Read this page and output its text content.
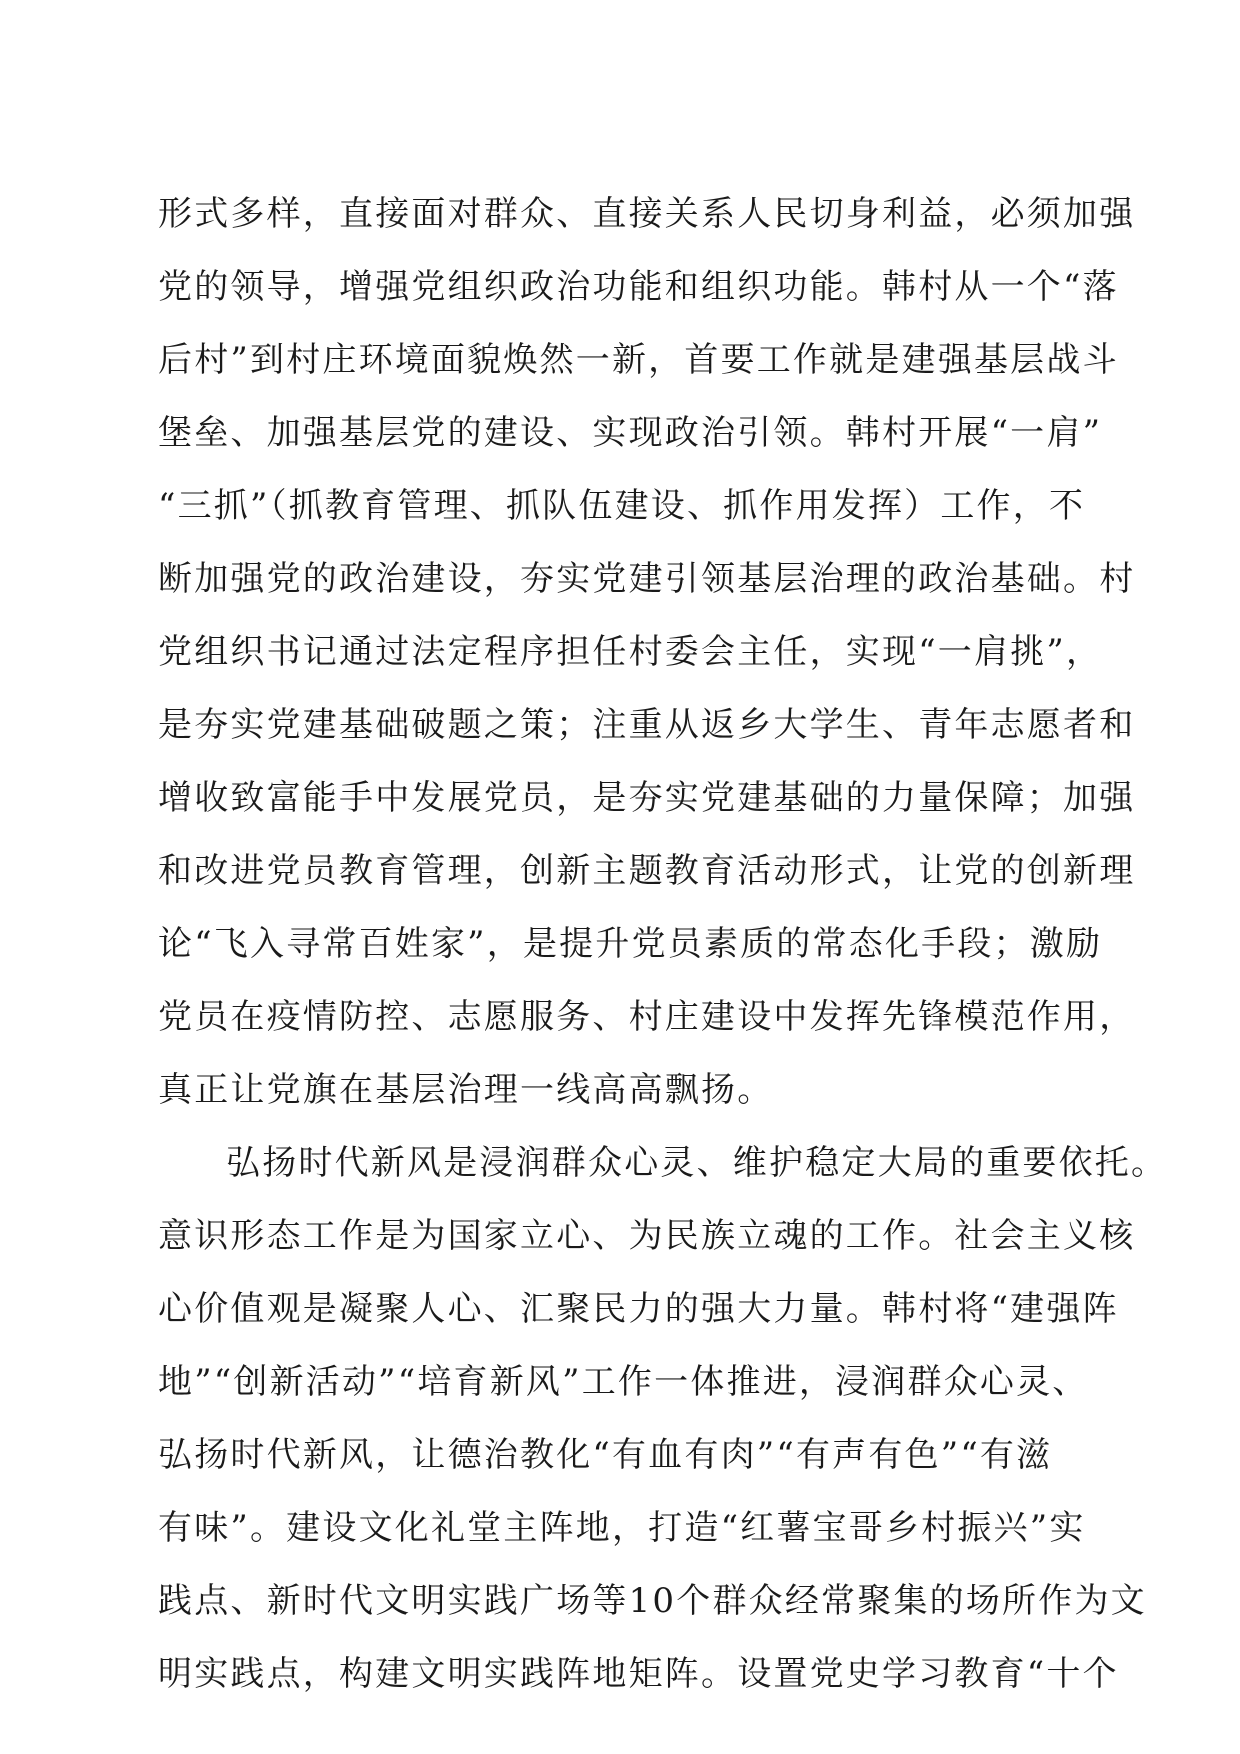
形式多样，直接面对群众、直接关系人民切身利益，必须加强
党的领导，增强党组织政治功能和组织功能。韩村从一个“落
后村”到村庄环境面貌焕然一新，首要工作就是建强基层战斗
堡垒、加强基层党的建设、实现政治引领。韩村开展“一肩”
“三抓”（抓教育管理、抓队伍建设、抓作用发挥）工作，不
断加强党的政治建设，夯实党建引领基层治理的政治基础。村
党组织书记通过法定程序担任村委会主任，实现“一肩挑”，
是夯实党建基础破题之策；注重从返乡大学生、青年志愿者和
增收致富能手中发展党员，是夯实党建基础的力量保障；加强
和改进党员教育管理，创新主题教育活动形式，让党的创新理
论“飞入寻常百姓家”，是提升党员素质的常态化手段；激励
党员在疫情防控、志愿服务、村庄建设中发挥先锋模范作用，
真正让党旗在基层治理一线高高飘扬。
弘扬时代新风是浸润群众心灵、维护稳定大局的重要依托。
意识形态工作是为国家立心、为民族立魂的工作。社会主义核
心价值观是凝聚人心、汇聚民力的强大力量。韩村将“建强阵
地”“创新活动”“培育新风”工作一体推进，浸润群众心灵、
弘扬时代新风，让德治教化“有血有肉”“有声有色”“有滋
有味”。建设文化礼堂主阵地，打造“红薯宝哥乡村振兴”实
践点、新时代文明实践广场等10个群众经常聚集的场所作为文
明实践点，构建文明实践阵地矩阵。设置党史学习教育“十个
